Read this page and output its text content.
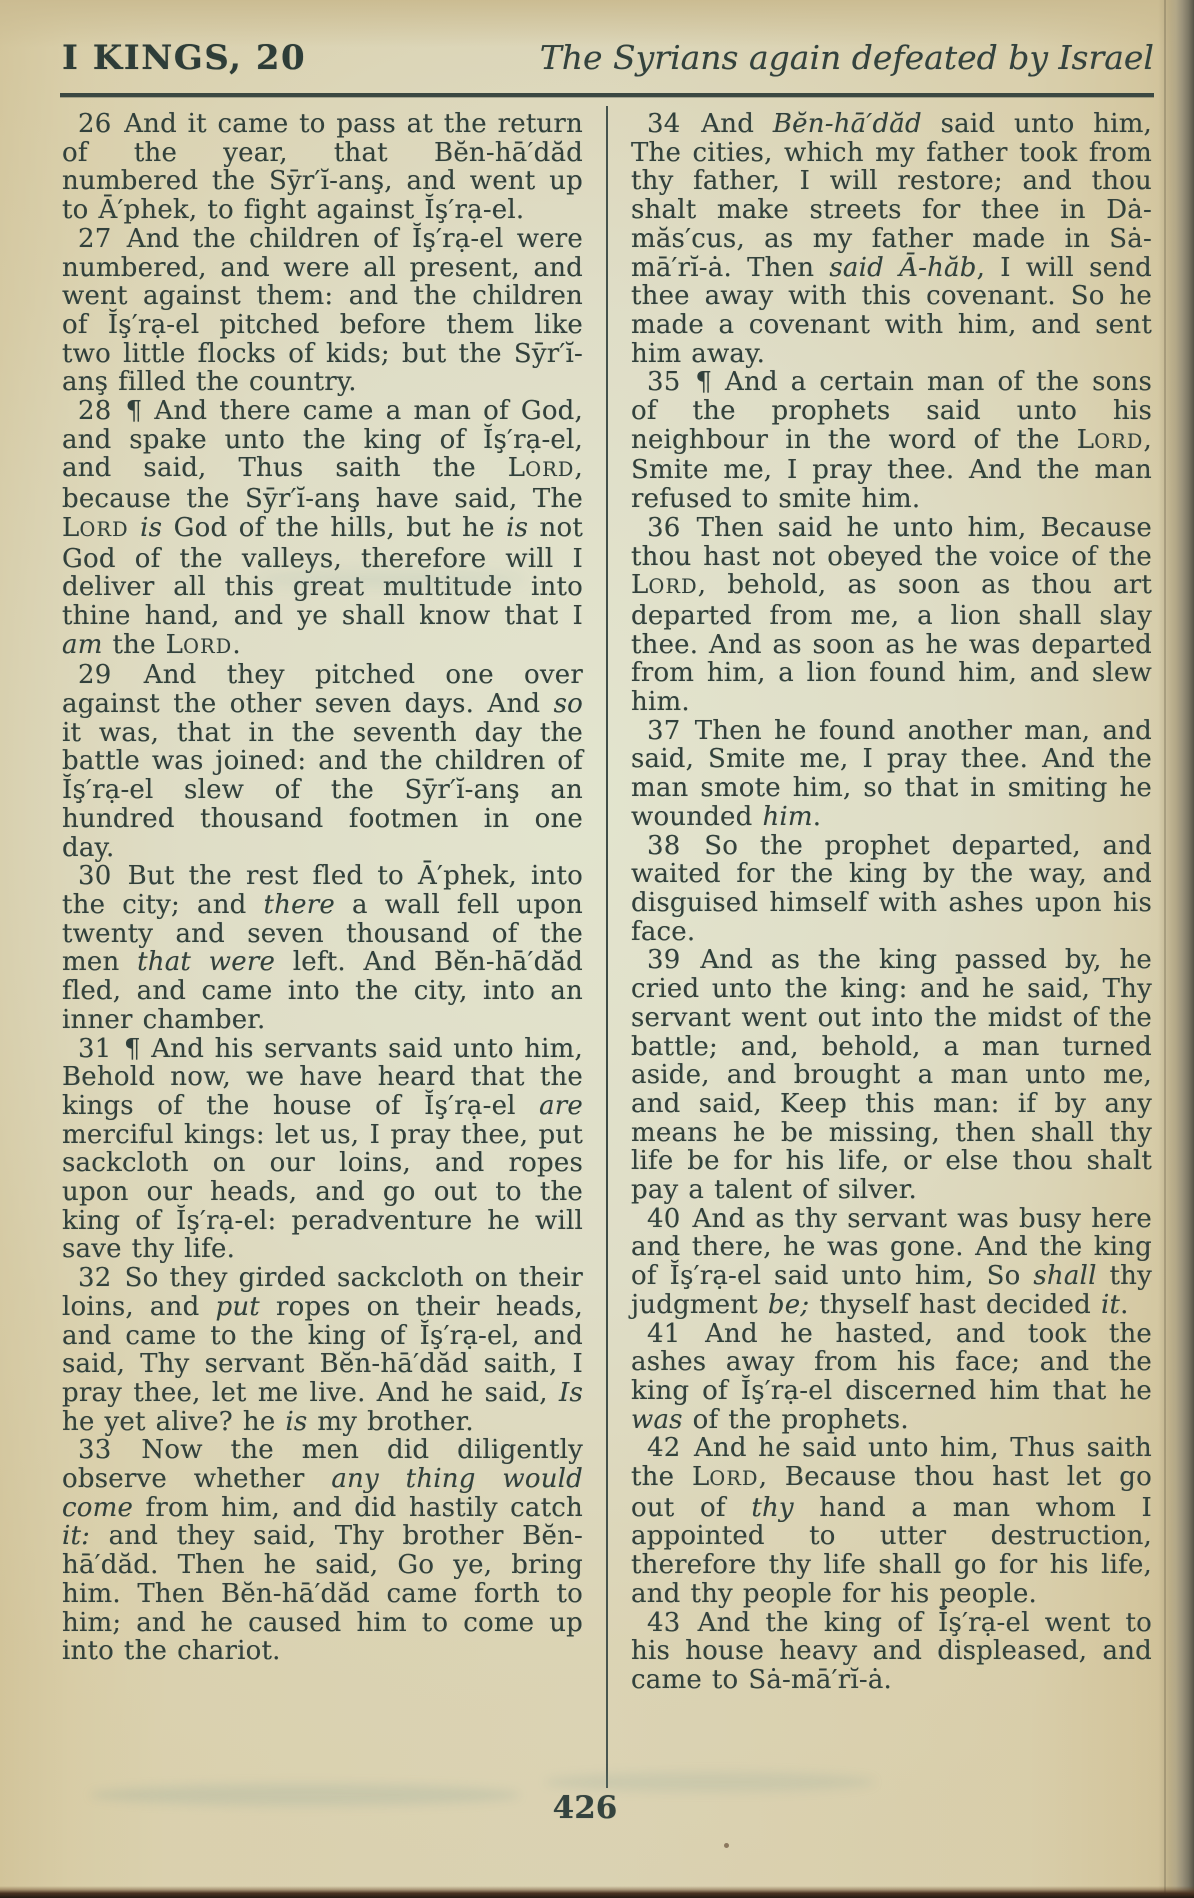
I KINGS, 20	The Syrians again defeated by Israel

26 And it came to pass at the return of the year, that Bĕn-hā′dăd numbered the Sȳr′ĭ-anş, and went up to Ā′phek, to fight against Ĭş′rạ-el.

27 And the children of Ĭş′rạ-el were numbered, and were all present, and went against them: and the children of Ĭş′rạ-el pitched before them like two little flocks of kids; but the Sȳr′ĭ-anş filled the country.

28 ¶ And there came a man of God, and spake unto the king of Ĭş′rạ-el, and said, Thus saith the LORD, because the Sȳr′ĭ-anş have said, The LORD is God of the hills, but he is not God of the valleys, therefore will I deliver all this great multitude into thine hand, and ye shall know that I am the LORD.

29 And they pitched one over against the other seven days. And so it was, that in the seventh day the battle was joined: and the children of Ĭş′rạ-el slew of the Sȳr′ĭ-anş an hundred thousand footmen in one day.

30 But the rest fled to Ā′phek, into the city; and there a wall fell upon twenty and seven thousand of the men that were left. And Bĕn-hā′dăd fled, and came into the city, into an inner chamber.

31 ¶ And his servants said unto him, Behold now, we have heard that the kings of the house of Ĭş′rạ-el are merciful kings: let us, I pray thee, put sackcloth on our loins, and ropes upon our heads, and go out to the king of Ĭş′rạ-el: peradventure he will save thy life.

32 So they girded sackcloth on their loins, and put ropes on their heads, and came to the king of Ĭş′rạ-el, and said, Thy servant Bĕn-hā′dăd saith, I pray thee, let me live. And he said, Is he yet alive? he is my brother.

33 Now the men did diligently observe whether any thing would come from him, and did hastily catch it: and they said, Thy brother Bĕn-hā′dăd. Then he said, Go ye, bring him. Then Bĕn-hā′dăd came forth to him; and he caused him to come up into the chariot.

34 And Bĕn-hā′dăd said unto him, The cities, which my father took from thy father, I will restore; and thou shalt make streets for thee in Dȧ-măs′cus, as my father made in Sȧ-mā′rĭ-ȧ. Then said Ā-hăb, I will send thee away with this covenant. So he made a covenant with him, and sent him away.

35 ¶ And a certain man of the sons of the prophets said unto his neighbour in the word of the LORD, Smite me, I pray thee. And the man refused to smite him.

36 Then said he unto him, Because thou hast not obeyed the voice of the LORD, behold, as soon as thou art departed from me, a lion shall slay thee. And as soon as he was departed from him, a lion found him, and slew him.

37 Then he found another man, and said, Smite me, I pray thee. And the man smote him, so that in smiting he wounded him.

38 So the prophet departed, and waited for the king by the way, and disguised himself with ashes upon his face.

39 And as the king passed by, he cried unto the king: and he said, Thy servant went out into the midst of the battle; and, behold, a man turned aside, and brought a man unto me, and said, Keep this man: if by any means he be missing, then shall thy life be for his life, or else thou shalt pay a talent of silver.

40 And as thy servant was busy here and there, he was gone. And the king of Ĭş′rạ-el said unto him, So shall thy judgment be; thyself hast decided it.

41 And he hasted, and took the ashes away from his face; and the king of Ĭş′rạ-el discerned him that he was of the prophets.

42 And he said unto him, Thus saith the LORD, Because thou hast let go out of thy hand a man whom I appointed to utter destruction, therefore thy life shall go for his life, and thy people for his people.

43 And the king of Ĭş′rạ-el went to his house heavy and displeased, and came to Sȧ-mā′rĭ-ȧ.

426
